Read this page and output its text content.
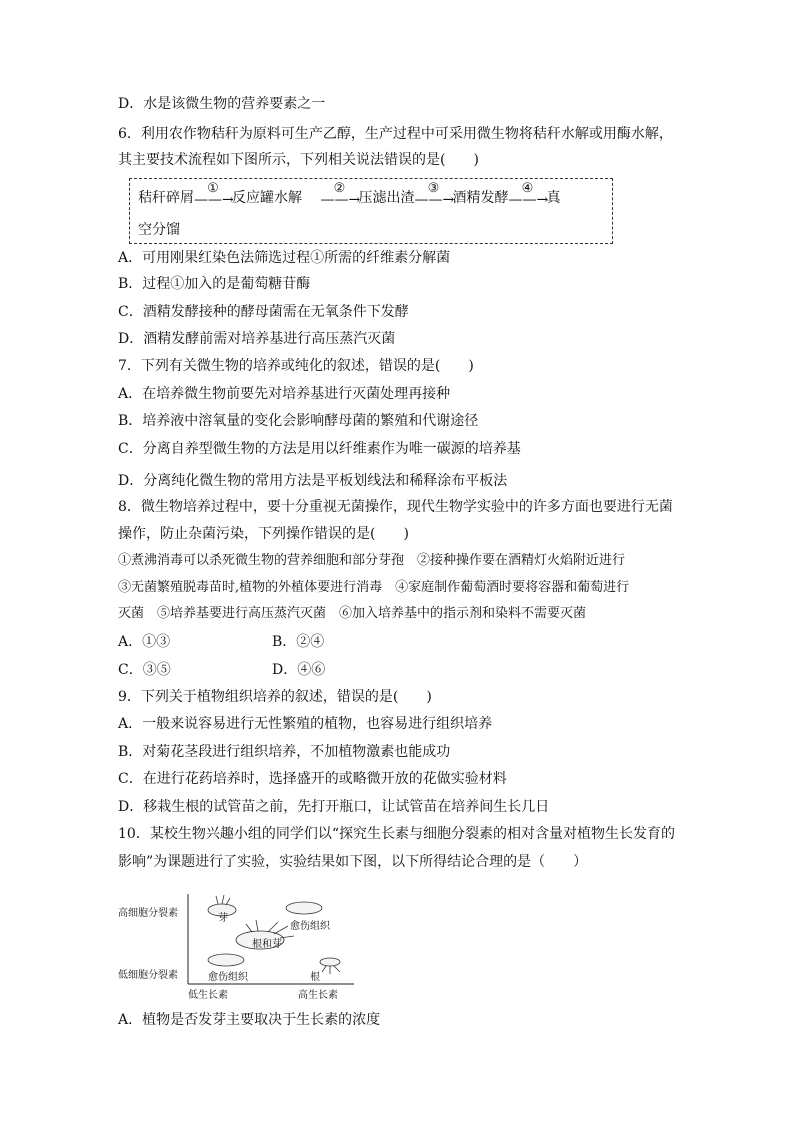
D．水是该微生物的营养要素之一
6．利用农作物秸秆为原料可生产乙醇，生产过程中可采用微生物将秸秆水解或用酶水解，
其主要技术流程如下图所示，下列相关说法错误的是(　　)
秸秆碎屑
①
——→反应罐水解
②
——→压滤出渣
③
——→酒精发酵
④
——→真
空分馏
A．可用刚果红染色法筛选过程①所需的纤维素分解菌
B．过程①加入的是葡萄糖苷酶
C．酒精发酵接种的酵母菌需在无氧条件下发酵
D．酒精发酵前需对培养基进行高压蒸汽灭菌
7．下列有关微生物的培养或纯化的叙述，错误的是(　　)
A．在培养微生物前要先对培养基进行灭菌处理再接种
B．培养液中溶氧量的变化会影响酵母菌的繁殖和代谢途径
C．分离自养型微生物的方法是用以纤维素作为唯一碳源的培养基
D．分离纯化微生物的常用方法是平板划线法和稀释涂布平板法
8．微生物培养过程中，要十分重视无菌操作，现代生物学实验中的许多方面也要进行无菌
操作，防止杂菌污染，下列操作错误的是(　　)
①煮沸消毒可以杀死微生物的营养细胞和部分芽孢　②接种操作要在酒精灯火焰附近进行
③无菌繁殖脱毒苗时,植物的外植体要进行消毒　④家庭制作葡萄酒时要将容器和葡萄进行
灭菌　⑤培养基要进行高压蒸汽灭菌　⑥加入培养基中的指示剂和染料不需要灭菌
A．①③	B．②④
C．③⑤	D．④⑥
9．下列关于植物组织培养的叙述，错误的是(　　)
A．一般来说容易进行无性繁殖的植物，也容易进行组织培养
B．对菊花茎段进行组织培养，不加植物激素也能成功
C．在进行花药培养时，选择盛开的或略微开放的花做实验材料
D．移栽生根的试管苗之前，先打开瓶口，让试管苗在培养间生长几日
10．某校生物兴趣小组的同学们以“探究生长素与细胞分裂素的相对含量对植物生长发育的
影响”为课题进行了实验，实验结果如下图，以下所得结论合理的是（　　）
高细胞分裂素
低细胞分裂素
低生长素	高生长素
芽
愈伤组织
根和芽
愈伤组织	根
A．植物是否发芽主要取决于生长素的浓度
